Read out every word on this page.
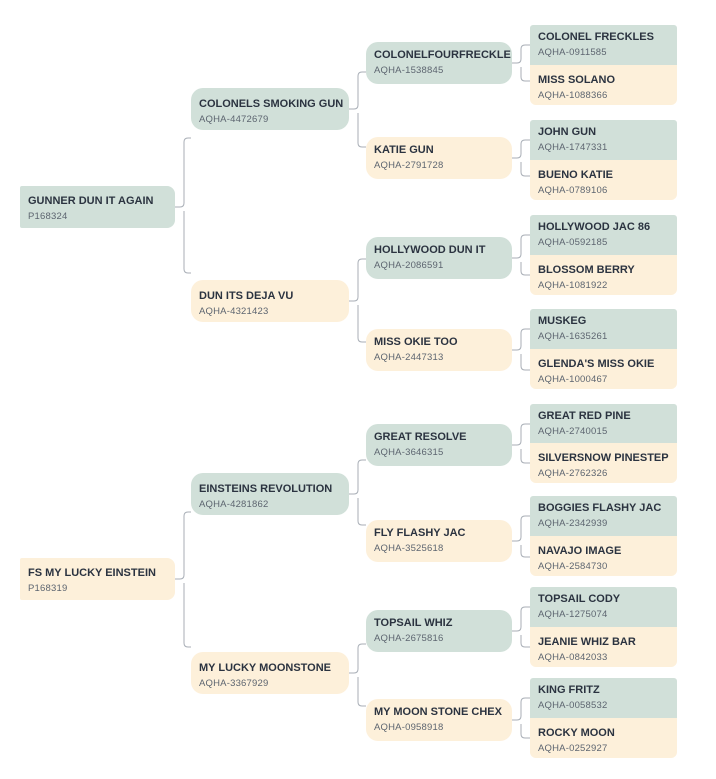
GUNNER DUN IT AGAIN
P168324
FS MY LUCKY EINSTEIN
P168319
COLONELS SMOKING GUN
AQHA-4472679
DUN ITS DEJA VU
AQHA-4321423
EINSTEINS REVOLUTION
AQHA-4281862
MY LUCKY MOONSTONE
AQHA-3367929
COLONELFOURFRECKLE
AQHA-1538845
KATIE GUN
AQHA-2791728
HOLLYWOOD DUN IT
AQHA-2086591
MISS OKIE TOO
AQHA-2447313
GREAT RESOLVE
AQHA-3646315
FLY FLASHY JAC
AQHA-3525618
TOPSAIL WHIZ
AQHA-2675816
MY MOON STONE CHEX
AQHA-0958918
COLONEL FRECKLES
AQHA-0911585
MISS SOLANO
AQHA-1088366
JOHN GUN
AQHA-1747331
BUENO KATIE
AQHA-0789106
HOLLYWOOD JAC 86
AQHA-0592185
BLOSSOM BERRY
AQHA-1081922
MUSKEG
AQHA-1635261
GLENDA'S MISS OKIE
AQHA-1000467
GREAT RED PINE
AQHA-2740015
SILVERSNOW PINESTEP
AQHA-2762326
BOGGIES FLASHY JAC
AQHA-2342939
NAVAJO IMAGE
AQHA-2584730
TOPSAIL CODY
AQHA-1275074
JEANIE WHIZ BAR
AQHA-0842033
KING FRITZ
AQHA-0058532
ROCKY MOON
AQHA-0252927
